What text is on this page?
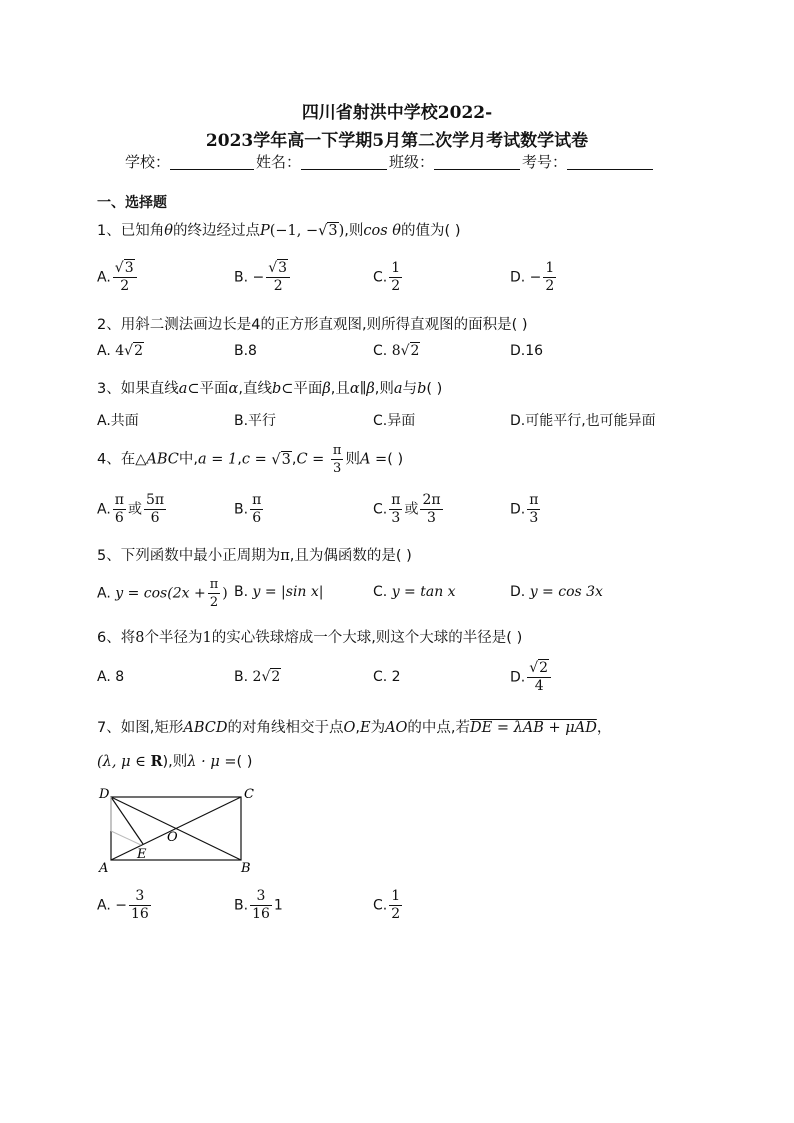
四川省射洪中学校2022-
2023学年高一下学期5月第二次学月考试数学试卷
学校：	姓名：	班级：	考号：
一、选择题
1、已知角θ的终边经过点P(−1, −√3),则cos θ的值为( )
A. $\frac{√3}{2}$	B. − $\frac{√3}{2}$	C. $\frac{1}{2}$	D. − $\frac{1}{2}$
2、用斜二测法画边长是4的正方形直观图,则所得直观图的面积是( )
A. 4√2	B.8	C. 8√2	D.16
3、如果直线a⊂平面α,直线b⊂平面β,且α∥β,则a与b( )
A.共面	B.平行	C.异面	D.可能平行,也可能异面
4、在△ABC中$,a = 1,c = √3,C = \frac{\pi}{3}$ 则A =( )
A. $\frac{\pi}{6}$ 或 $\frac{5\pi}{6}$	B. $\frac{\pi}{6}$	C. $\frac{\pi}{3}$ 或 $\frac{2\pi}{3}$	D. $\frac{\pi}{3}$
5、下列函数中最小正周期为π,且为偶函数的是( )
A. $y = \cos(2x + \frac{\pi}{2}$ ) B. y = |sin x|	C. y = tan x	D. y = cos 3x
6、将8个半径为1的实心铁球熔成一个大球,则这个大球的半径是( )
A. 8	B. 2√2	C. 2	D. $\frac{√2}{4}$
7、如图,矩形ABCD的对角线相交于点O,E为AO的中点,若DE = λAB + μAD，
(λ, μ ∈ R),则λ · μ =( )
D	C
A	B
O
E
A. − $\frac{3}{16}$	B. $\frac{3}{16} 1$	C. $\frac{1}{2}$
